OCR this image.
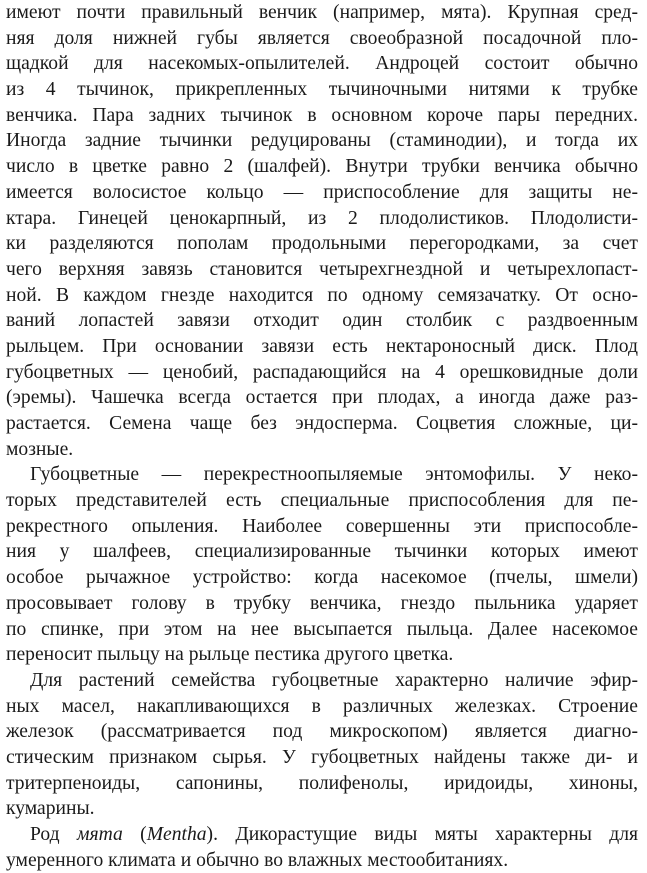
имеют почти правильный венчик (например, мята). Крупная сред-
няя доля нижней губы является своеобразной посадочной пло-
щадкой для насекомых-опылителей. Андроцей состоит обычно
из 4 тычинок, прикрепленных тычиночными нитями к трубке
венчика. Пара задних тычинок в основном короче пары передних.
Иногда задние тычинки редуцированы (стаминодии), и тогда их
число в цветке равно 2 (шалфей). Внутри трубки венчика обычно
имеется волосистое кольцо — приспособление для защиты не-
ктара. Гинецей ценокарпный, из 2 плодолистиков. Плодолисти-
ки разделяются пополам продольными перегородками, за счет
чего верхняя завязь становится четырехгнездной и четырехлопаст-
ной. В каждом гнезде находится по одному семязачатку. От осно-
ваний лопастей завязи отходит один столбик с раздвоенным
рыльцем. При основании завязи есть нектароносный диск. Плод
губоцветных — ценобий, распадающийся на 4 орешковидные доли
(эремы). Чашечка всегда остается при плодах, а иногда даже раз-
растается. Семена чаще без эндосперма. Соцветия сложные, ци-
мозные.
Губоцветные — перекрестноопыляемые энтомофилы. У неко-
торых представителей есть специальные приспособления для пе-
рекрестного опыления. Наиболее совершенны эти приспособле-
ния у шалфеев, специализированные тычинки которых имеют
особое рычажное устройство: когда насекомое (пчелы, шмели)
просовывает голову в трубку венчика, гнездо пыльника ударяет
по спинке, при этом на нее высыпается пыльца. Далее насекомое
переносит пыльцу на рыльце пестика другого цветка.
Для растений семейства губоцветные характерно наличие эфир-
ных масел, накапливающихся в различных железках. Строение
железок (рассматривается под микроскопом) является диагно-
стическим признаком сырья. У губоцветных найдены также ди- и
тритерпеноиды, сапонины, полифенолы, иридоиды, хиноны,
кумарины.
Род мята (Mentha). Дикорастущие виды мяты характерны для
умеренного климата и обычно во влажных местообитаниях.
